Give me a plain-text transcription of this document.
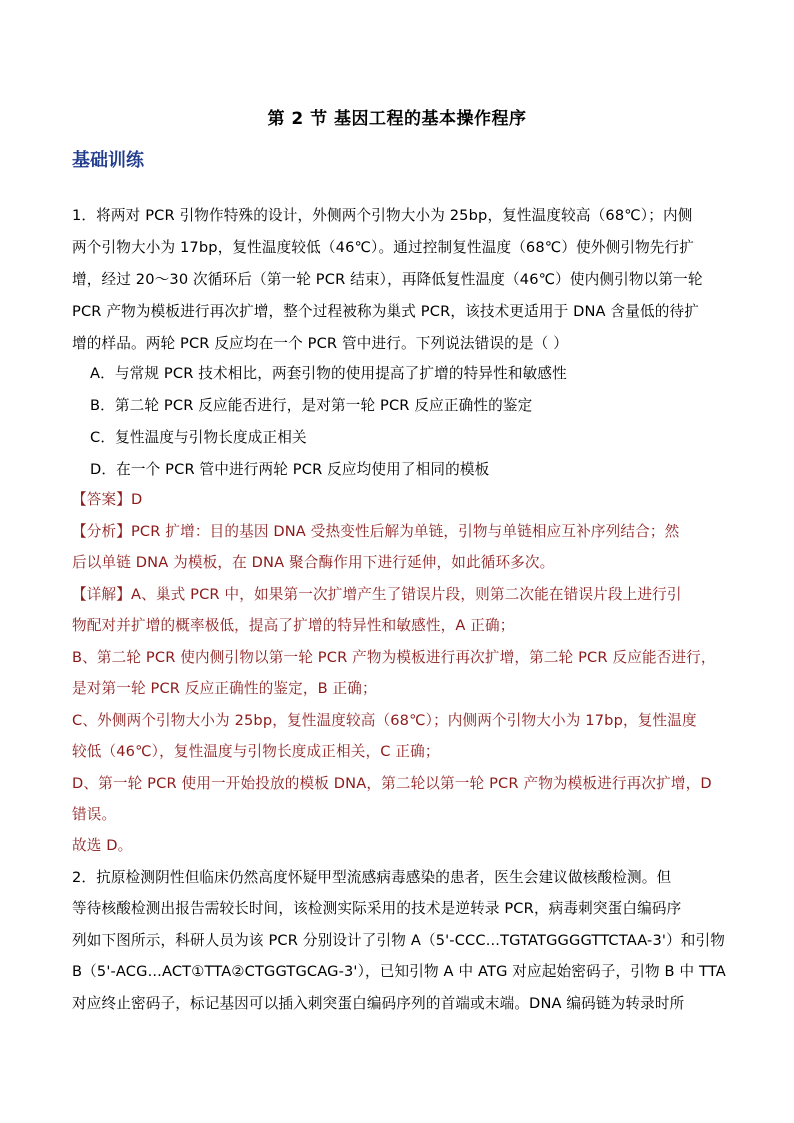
第 2 节 基因工程的基本操作程序
基础训练
1．将两对 PCR 引物作特殊的设计，外侧两个引物大小为 25bp，复性温度较高（68℃）；内侧
两个引物大小为 17bp，复性温度较低（46℃）。通过控制复性温度（68℃）使外侧引物先行扩
增，经过 20～30 次循环后（第一轮 PCR 结束），再降低复性温度（46℃）使内侧引物以第一轮
PCR 产物为模板进行再次扩增，整个过程被称为巢式 PCR，该技术更适用于 DNA 含量低的待扩
增的样品。两轮 PCR 反应均在一个 PCR 管中进行。下列说法错误的是（ ）
A．与常规 PCR 技术相比，两套引物的使用提高了扩增的特异性和敏感性
B．第二轮 PCR 反应能否进行，是对第一轮 PCR 反应正确性的鉴定
C．复性温度与引物长度成正相关
D．在一个 PCR 管中进行两轮 PCR 反应均使用了相同的模板
【答案】D
【分析】PCR 扩增：目的基因 DNA 受热变性后解为单链，引物与单链相应互补序列结合；然
后以单链 DNA 为模板，在 DNA 聚合酶作用下进行延伸，如此循环多次。
【详解】A、巢式 PCR 中，如果第一次扩增产生了错误片段，则第二次能在错误片段上进行引
物配对并扩增的概率极低，提高了扩增的特异性和敏感性，A 正确；
B、第二轮 PCR 使内侧引物以第一轮 PCR 产物为模板进行再次扩增，第二轮 PCR 反应能否进行，
是对第一轮 PCR 反应正确性的鉴定，B 正确；
C、外侧两个引物大小为 25bp，复性温度较高（68℃）；内侧两个引物大小为 17bp，复性温度
较低（46℃），复性温度与引物长度成正相关，C 正确；
D、第一轮 PCR 使用一开始投放的模板 DNA，第二轮以第一轮 PCR 产物为模板进行再次扩增，D
错误。
故选 D。
2．抗原检测阴性但临床仍然高度怀疑甲型流感病毒感染的患者，医生会建议做核酸检测。但
等待核酸检测出报告需较长时间，该检测实际采用的技术是逆转录 PCR，病毒刺突蛋白编码序
列如下图所示，科研人员为该 PCR 分别设计了引物 A（5'-CCC...TGTATGGGGTTCTAA-3'）和引物
B（5'-ACG...ACT①TTA②CTGGTGCAG-3'），已知引物 A 中 ATG 对应起始密码子，引物 B 中 TTA
对应终止密码子，标记基因可以插入刺突蛋白编码序列的首端或末端。DNA 编码链为转录时所
